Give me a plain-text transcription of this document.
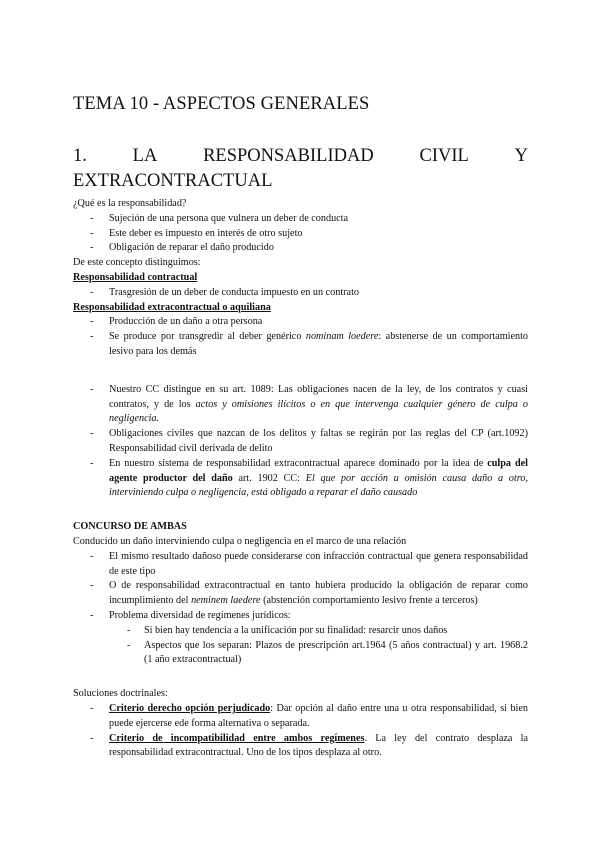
TEMA 10 - ASPECTOS GENERALES
1. LA RESPONSABILIDAD CIVIL Y
EXTRACONTRACTUAL

¿Qué es la responsabilidad?

- Sujeción de una persona que vulnera un deber de conducta
- Este deber es impuesto en interés de otro sujeto
- Obligación de reparar el daño producido

De este concepto distinguimos:

Responsabilidad contractual

- Trasgresión de un deber de conducta impuesto en un contrato

Responsabilidad extracontractual o aquiliana

- Producción de un daño a otra persona
- Se produce por transgredir al deber genérico nominam loedere: abstenerse de un comportamiento lesivo para los demás
- Nuestro CC distingue en su art. 1089: Las obligaciones nacen de la ley, de los contratos y cuasi contratos, y de los actos y omisiones ilícitos o en que intervenga cualquier género de culpa o negligencia.
- Obligaciones civiles que nazcan de los delitos y faltas se regirán por las reglas del CP (art.1092) Responsabilidad civil derivada de delito
- En nuestro sistema de responsabilidad extracontractual aparece dominado por la idea de culpa del agente productor del daño art. 1902 CC: El que por acción u omisión causa daño a otro, interviniendo culpa o negligencia, está obligado a reparar el daño causado

CONCURSO DE AMBAS

Conducido un daño interviniendo culpa o negligencia en el marco de una relación

- El mismo resultado dañoso puede considerarse con infracción contractual que genera responsabilidad de este tipo
- O de responsabilidad extracontractual en tanto hubiera producido la obligación de reparar como incumplimiento del neminem laedere (abstención comportamiento lesivo frente a terceros)
- Problema diversidad de regímenes jurídicos:
- Si bien hay tendencia a la unificación por su finalidad: resarcir unos daños
- Aspectos que los separan: Plazos de prescripción art.1964 (5 años contractual) y art. 1968.2 (1 año extracontractual)

Soluciones doctrinales:

- Criterio derecho opción perjudicado: Dar opción al daño entre una u otra responsabilidad, si bien puede ejercerse ede forma alternativa o separada.
- Criterio de incompatibilidad entre ambos regímenes. La ley del contrato desplaza la responsabilidad extracontractual. Uno de los tipos desplaza al otro.
